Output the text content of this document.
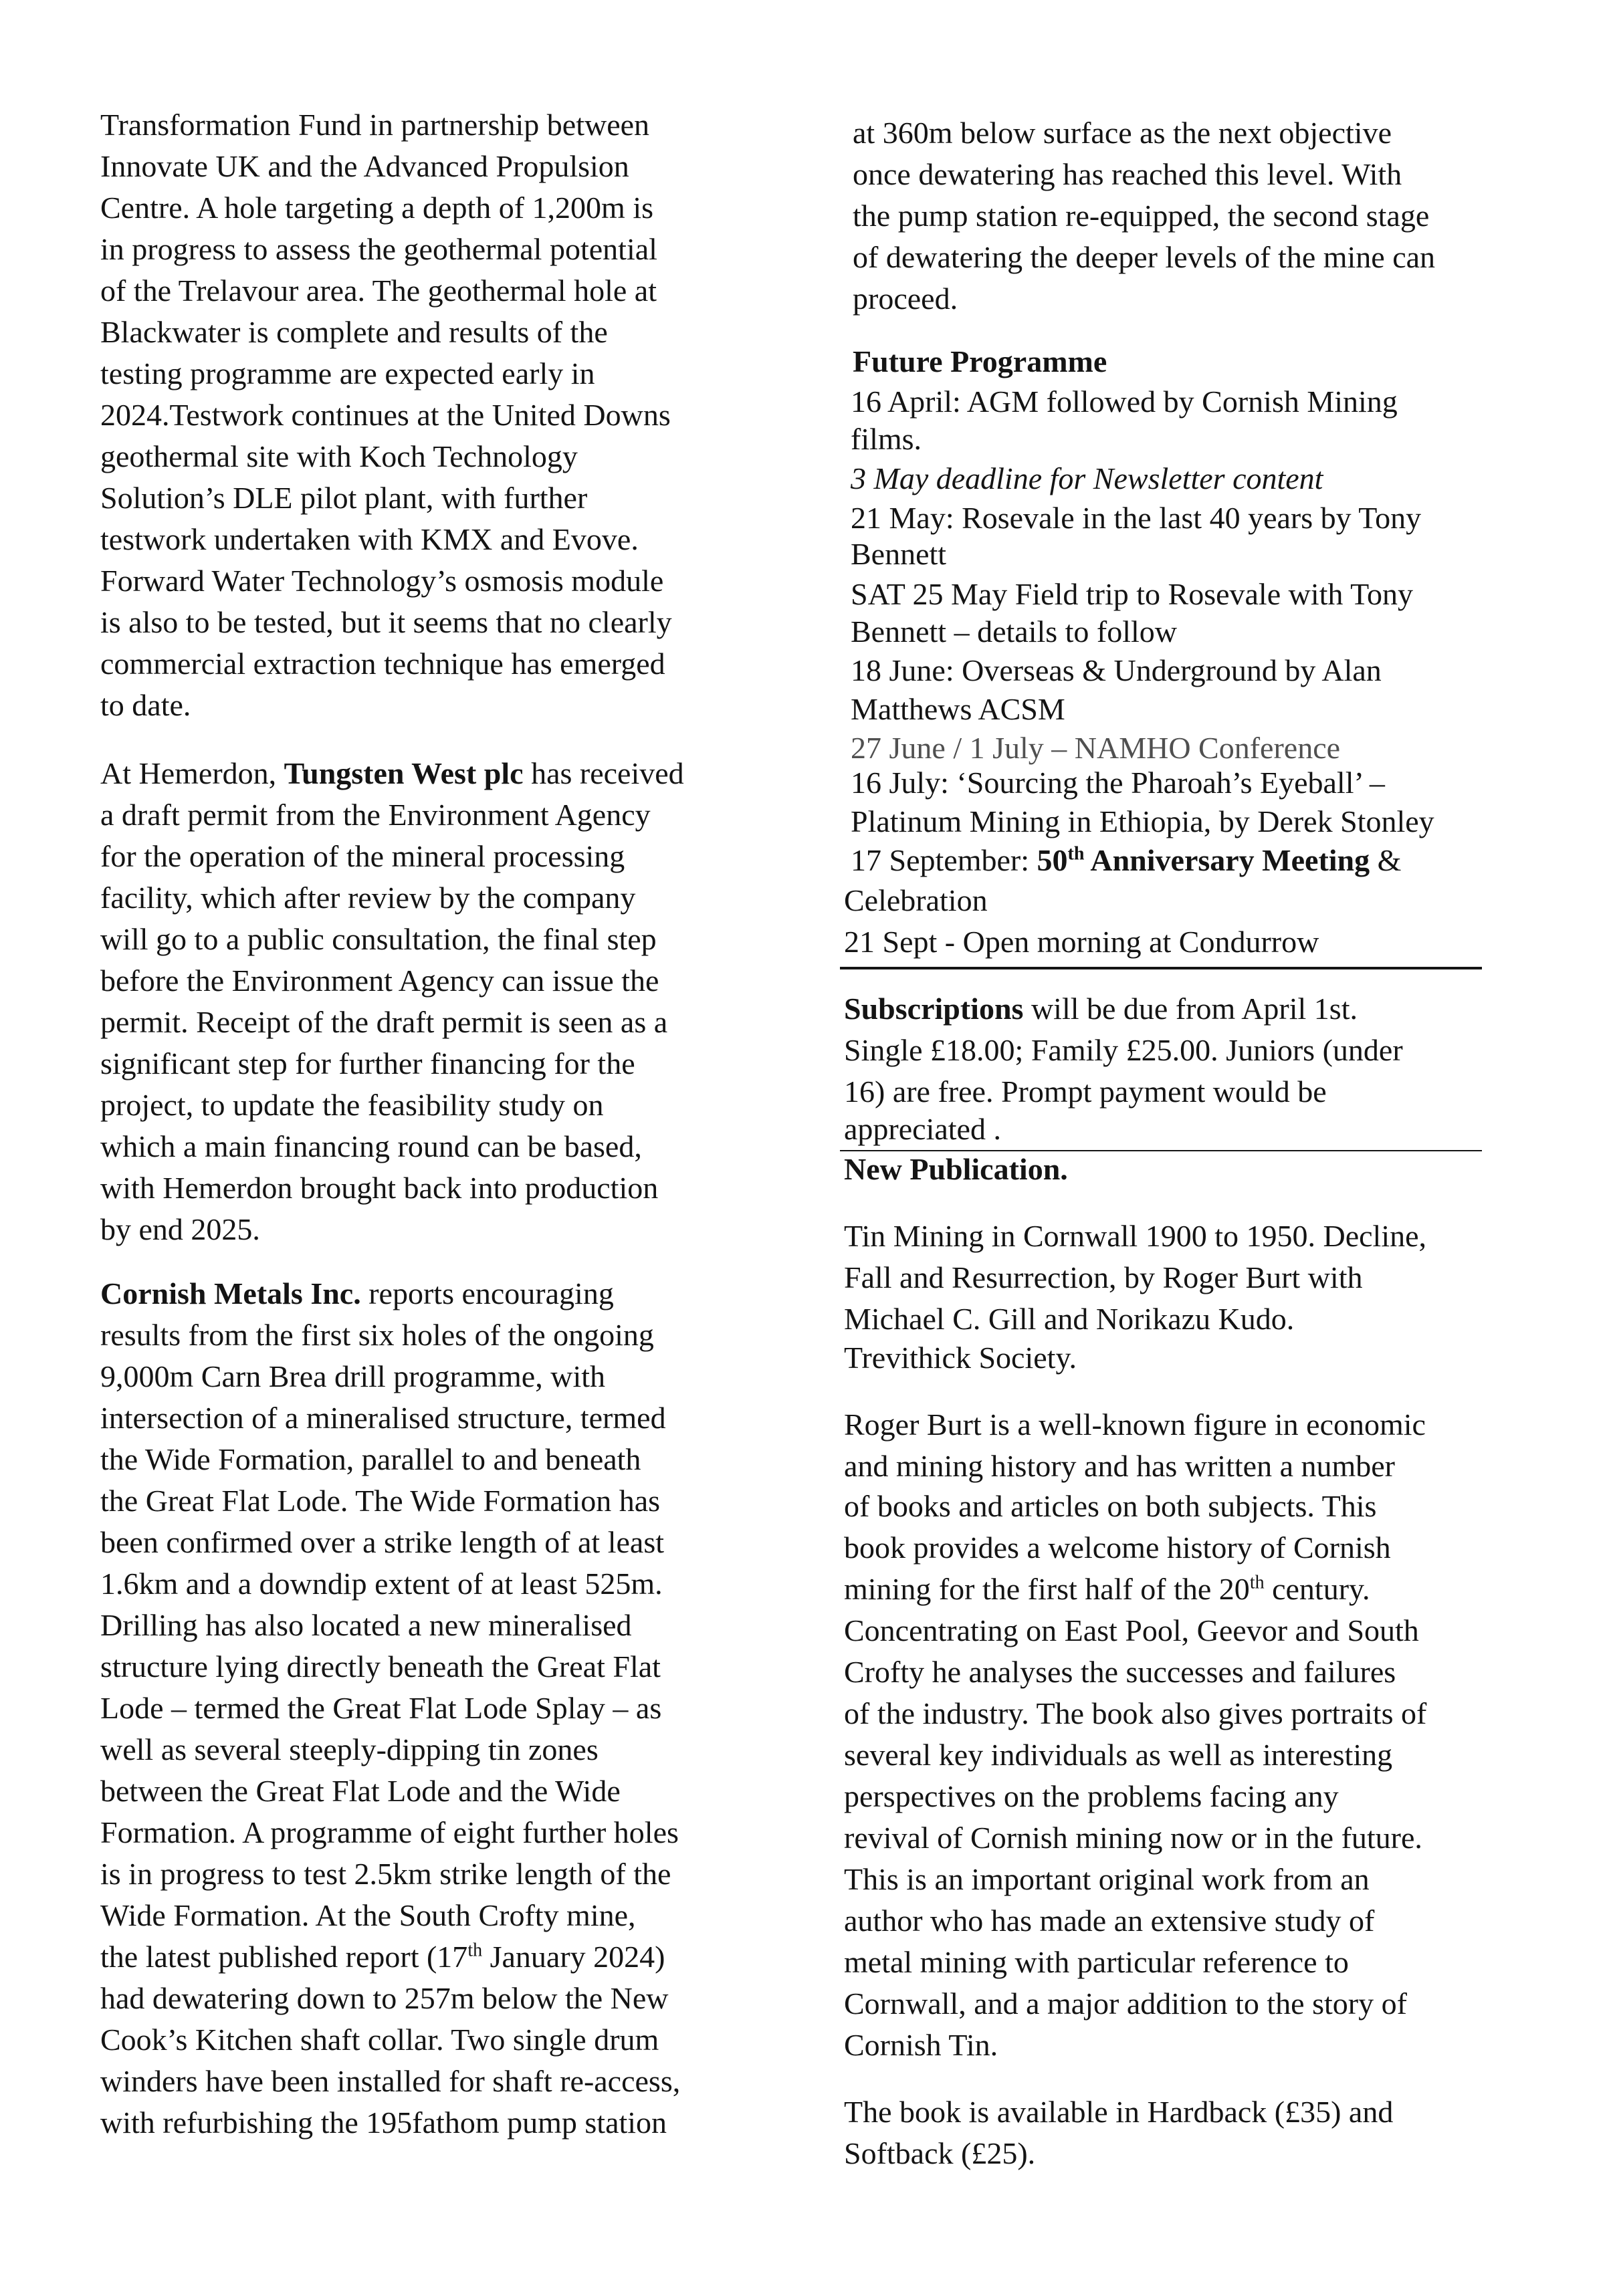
Transformation Fund in partnership between
Innovate UK and the Advanced Propulsion
Centre. A hole targeting a depth of 1,200m is
in progress to assess the geothermal potential
of the Trelavour area. The geothermal hole at
Blackwater is complete and results of the
testing programme are expected early in
2024.Testwork continues at the United Downs
geothermal site with Koch Technology
Solution’s DLE pilot plant, with further
testwork undertaken with KMX and Evove.
Forward Water Technology’s osmosis module
is also to be tested, but it seems that no clearly
commercial extraction technique has emerged
to date.
At Hemerdon, Tungsten West plc has received
a draft permit from the Environment Agency
for the operation of the mineral processing
facility, which after review by the company
will go to a public consultation, the final step
before the Environment Agency can issue the
permit. Receipt of the draft permit is seen as a
significant step for further financing for the
project, to update the feasibility study on
which a main financing round can be based,
with Hemerdon brought back into production
by end 2025.
Cornish Metals Inc. reports encouraging
results from the first six holes of the ongoing
9,000m Carn Brea drill programme, with
intersection of a mineralised structure, termed
the Wide Formation, parallel to and beneath
the Great Flat Lode. The Wide Formation has
been confirmed over a strike length of at least
1.6km and a downdip extent of at least 525m.
Drilling has also located a new mineralised
structure lying directly beneath the Great Flat
Lode – termed the Great Flat Lode Splay – as
well as several steeply-dipping tin zones
between the Great Flat Lode and the Wide
Formation. A programme of eight further holes
is in progress to test 2.5km strike length of the
Wide Formation. At the South Crofty mine,
the latest published report (17th January 2024)
had dewatering down to 257m below the New
Cook’s Kitchen shaft collar. Two single drum
winders have been installed for shaft re-access,
with refurbishing the 195fathom pump station
at 360m below surface as the next objective
once dewatering has reached this level. With
the pump station re-equipped, the second stage
of dewatering the deeper levels of the mine can
proceed.
Future Programme
16 April: AGM followed by Cornish Mining
films.
3 May deadline for Newsletter content
21 May: Rosevale in the last 40 years by Tony
Bennett
SAT 25 May Field trip to Rosevale with Tony
Bennett – details to follow
18 June: Overseas & Underground by Alan
Matthews ACSM
27 June / 1 July – NAMHO Conference
16 July: ‘Sourcing the Pharoah’s Eyeball’ –
Platinum Mining in Ethiopia, by Derek Stonley
17 September: 50th Anniversary Meeting &
Celebration
21 Sept - Open morning at Condurrow
Subscriptions will be due from April 1st.
Single £18.00; Family £25.00. Juniors (under
16) are free. Prompt payment would be
appreciated .
New Publication.
Tin Mining in Cornwall 1900 to 1950. Decline,
Fall and Resurrection, by Roger Burt with
Michael C. Gill and Norikazu Kudo.
Trevithick Society.
Roger Burt is a well-known figure in economic
and mining history and has written a number
of books and articles on both subjects. This
book provides a welcome history of Cornish
mining for the first half of the 20th century.
Concentrating on East Pool, Geevor and South
Crofty he analyses the successes and failures
of the industry. The book also gives portraits of
several key individuals as well as interesting
perspectives on the problems facing any
revival of Cornish mining now or in the future.
This is an important original work from an
author who has made an extensive study of
metal mining with particular reference to
Cornwall, and a major addition to the story of
Cornish Tin.
The book is available in Hardback (£35) and
Softback (£25).
